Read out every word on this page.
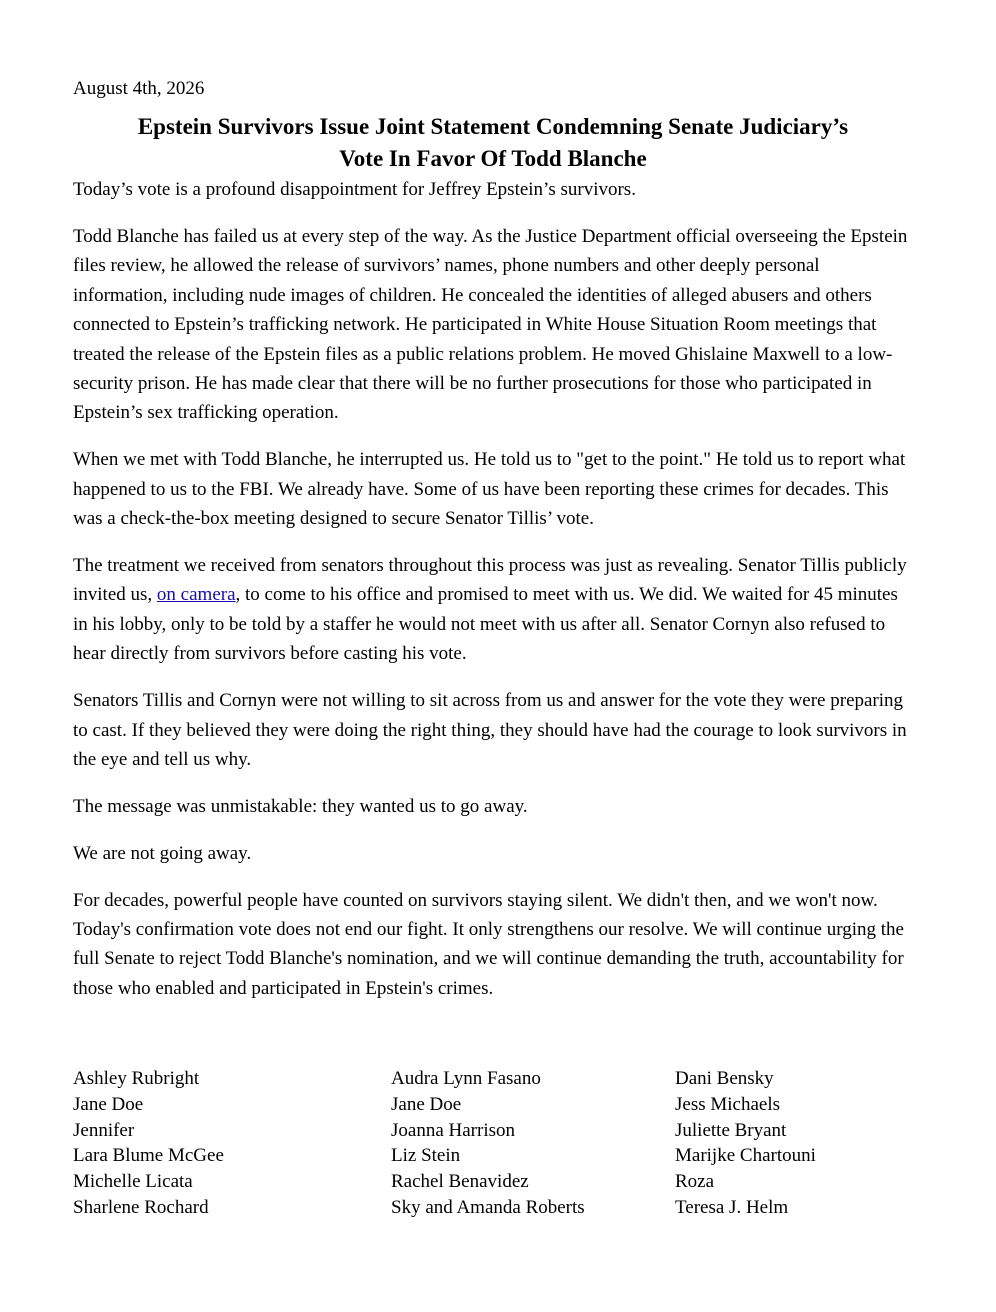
August 4th, 2026

Epstein Survivors Issue Joint Statement Condemning Senate Judiciary’s
Vote In Favor Of Todd Blanche

Today’s vote is a profound disappointment for Jeffrey Epstein’s survivors.

Todd Blanche has failed us at every step of the way. As the Justice Department official overseeing the Epstein files review, he allowed the release of survivors’ names, phone numbers and other deeply personal information, including nude images of children. He concealed the identities of alleged abusers and others connected to Epstein’s trafficking network. He participated in White House Situation Room meetings that treated the release of the Epstein files as a public relations problem. He moved Ghislaine Maxwell to a low-security prison. He has made clear that there will be no further prosecutions for those who participated in Epstein’s sex trafficking operation.

When we met with Todd Blanche, he interrupted us. He told us to "get to the point." He told us to report what happened to us to the FBI. We already have. Some of us have been reporting these crimes for decades. This was a check-the-box meeting designed to secure Senator Tillis’ vote.

The treatment we received from senators throughout this process was just as revealing. Senator Tillis publicly invited us, on camera, to come to his office and promised to meet with us. We did. We waited for 45 minutes in his lobby, only to be told by a staffer he would not meet with us after all. Senator Cornyn also refused to hear directly from survivors before casting his vote.

Senators Tillis and Cornyn were not willing to sit across from us and answer for the vote they were preparing to cast. If they believed they were doing the right thing, they should have had the courage to look survivors in the eye and tell us why.

The message was unmistakable: they wanted us to go away.

We are not going away.

For decades, powerful people have counted on survivors staying silent. We didn't then, and we won't now. Today's confirmation vote does not end our fight. It only strengthens our resolve. We will continue urging the full Senate to reject Todd Blanche's nomination, and we will continue demanding the truth, accountability for those who enabled and participated in Epstein's crimes.

Ashley Rubright
Jane Doe
Jennifer
Lara Blume McGee
Michelle Licata
Sharlene Rochard
Audra Lynn Fasano
Jane Doe
Joanna Harrison
Liz Stein
Rachel Benavidez
Sky and Amanda Roberts
Dani Bensky
Jess Michaels
Juliette Bryant
Marijke Chartouni
Roza
Teresa J. Helm
